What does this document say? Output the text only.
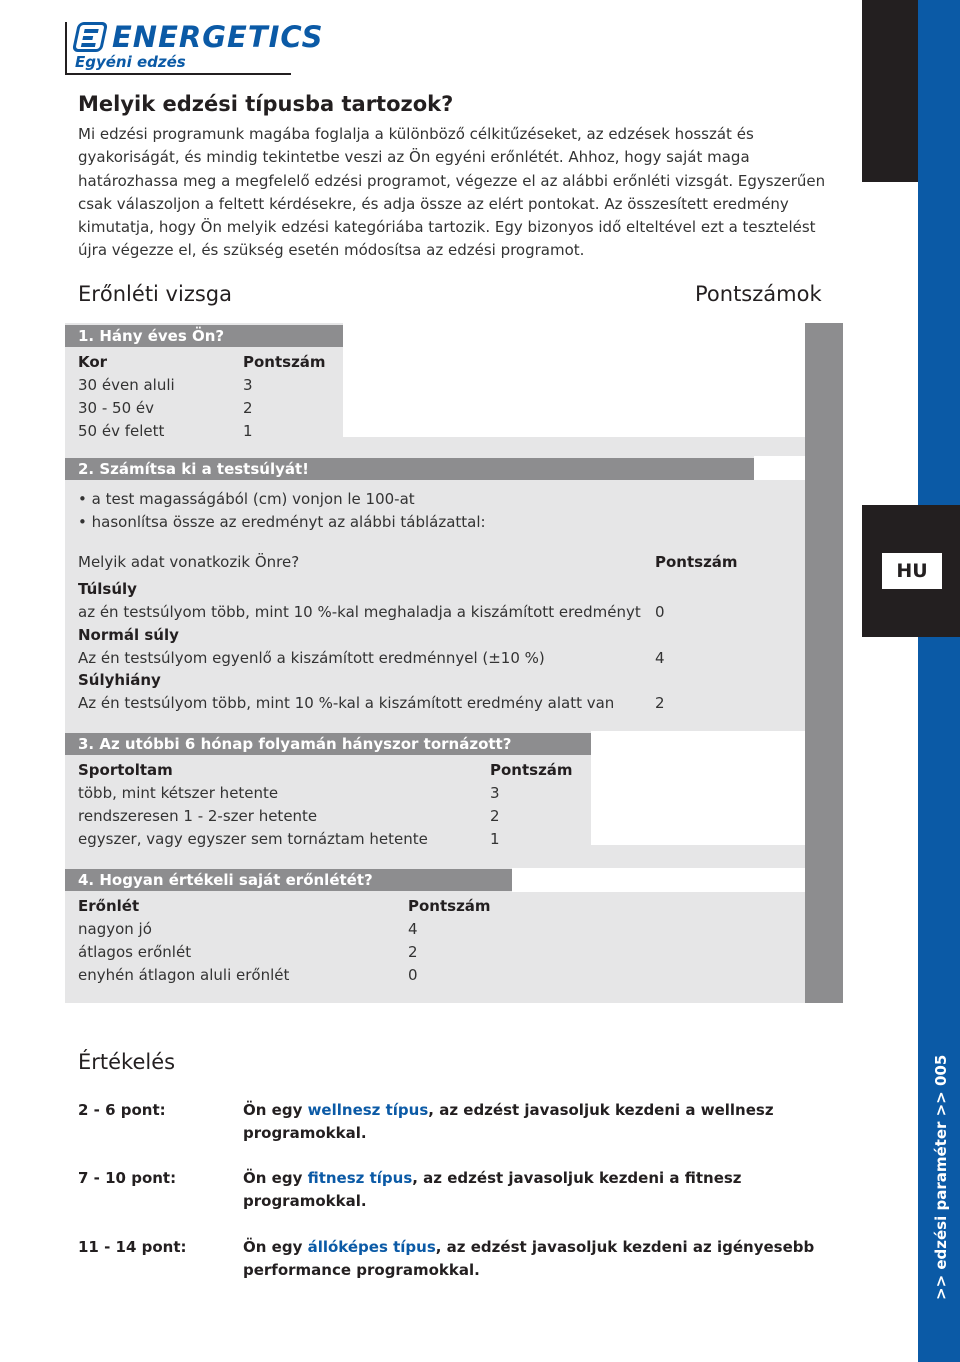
ENERGETICS
Egyéni edzés
HU
>> edzési paraméter >> 005
Melyik edzési típusba tartozok?
Mi edzési programunk magába foglalja a különböző célkitűzéseket, az edzések hosszát és gyakoriságát, és mindig tekintetbe veszi az Ön egyéni erőnlétét. Ahhoz, hogy saját maga határozhassa meg a megfelelő edzési programot, végezze el az alábbi erőnléti vizsgát. Egyszerűen csak válaszoljon a feltett kérdésekre, és adja össze az elért pontokat. Az összesített eredmény kimutatja, hogy Ön melyik edzési kategóriába tartozik. Egy bizonyos idő elteltével ezt a tesztelést újra végezze el, és szükség esetén módosítsa az edzési programot.
Erőnléti vizsga	Pontszámok
1. Hány éves Ön?
Kor	Pontszám
30 éven aluli	3
30 - 50 év	2
50 év felett	1
2. Számítsa ki a testsúlyát!
• a test magasságából (cm) vonjon le 100-at
• hasonlítsa össze az eredményt az alábbi táblázattal:
Melyik adat vonatkozik Önre?	Pontszám
Túlsúly
az én testsúlyom több, mint 10 %-kal meghaladja a kiszámított eredményt 0
Normál súly
Az én testsúlyom egyenlő a kiszámított eredménnyel (±10 %)	4
Súlyhiány
Az én testsúlyom több, mint 10 %-kal a kiszámított eredmény alatt van	2
3. Az utóbbi 6 hónap folyamán hányszor tornázott?
Sportoltam	Pontszám
több, mint kétszer hetente	3
rendszeresen 1 - 2-szer hetente	2
egyszer, vagy egyszer sem tornáztam hetente	1
4. Hogyan értékeli saját erőnlétét?
Erőnlét	Pontszám
nagyon jó	4
átlagos erőnlét	2
enyhén átlagon aluli erőnlét	0
Értékelés
2 - 6 pont:	Ön egy wellnesz típus, az edzést javasoljuk kezdeni a wellnesz
programokkal.
7 - 10 pont:	Ön egy fitnesz típus, az edzést javasoljuk kezdeni a fitnesz
programokkal.
11 - 14 pont:	Ön egy állóképes típus, az edzést javasoljuk kezdeni az igényesebb
performance programokkal.
